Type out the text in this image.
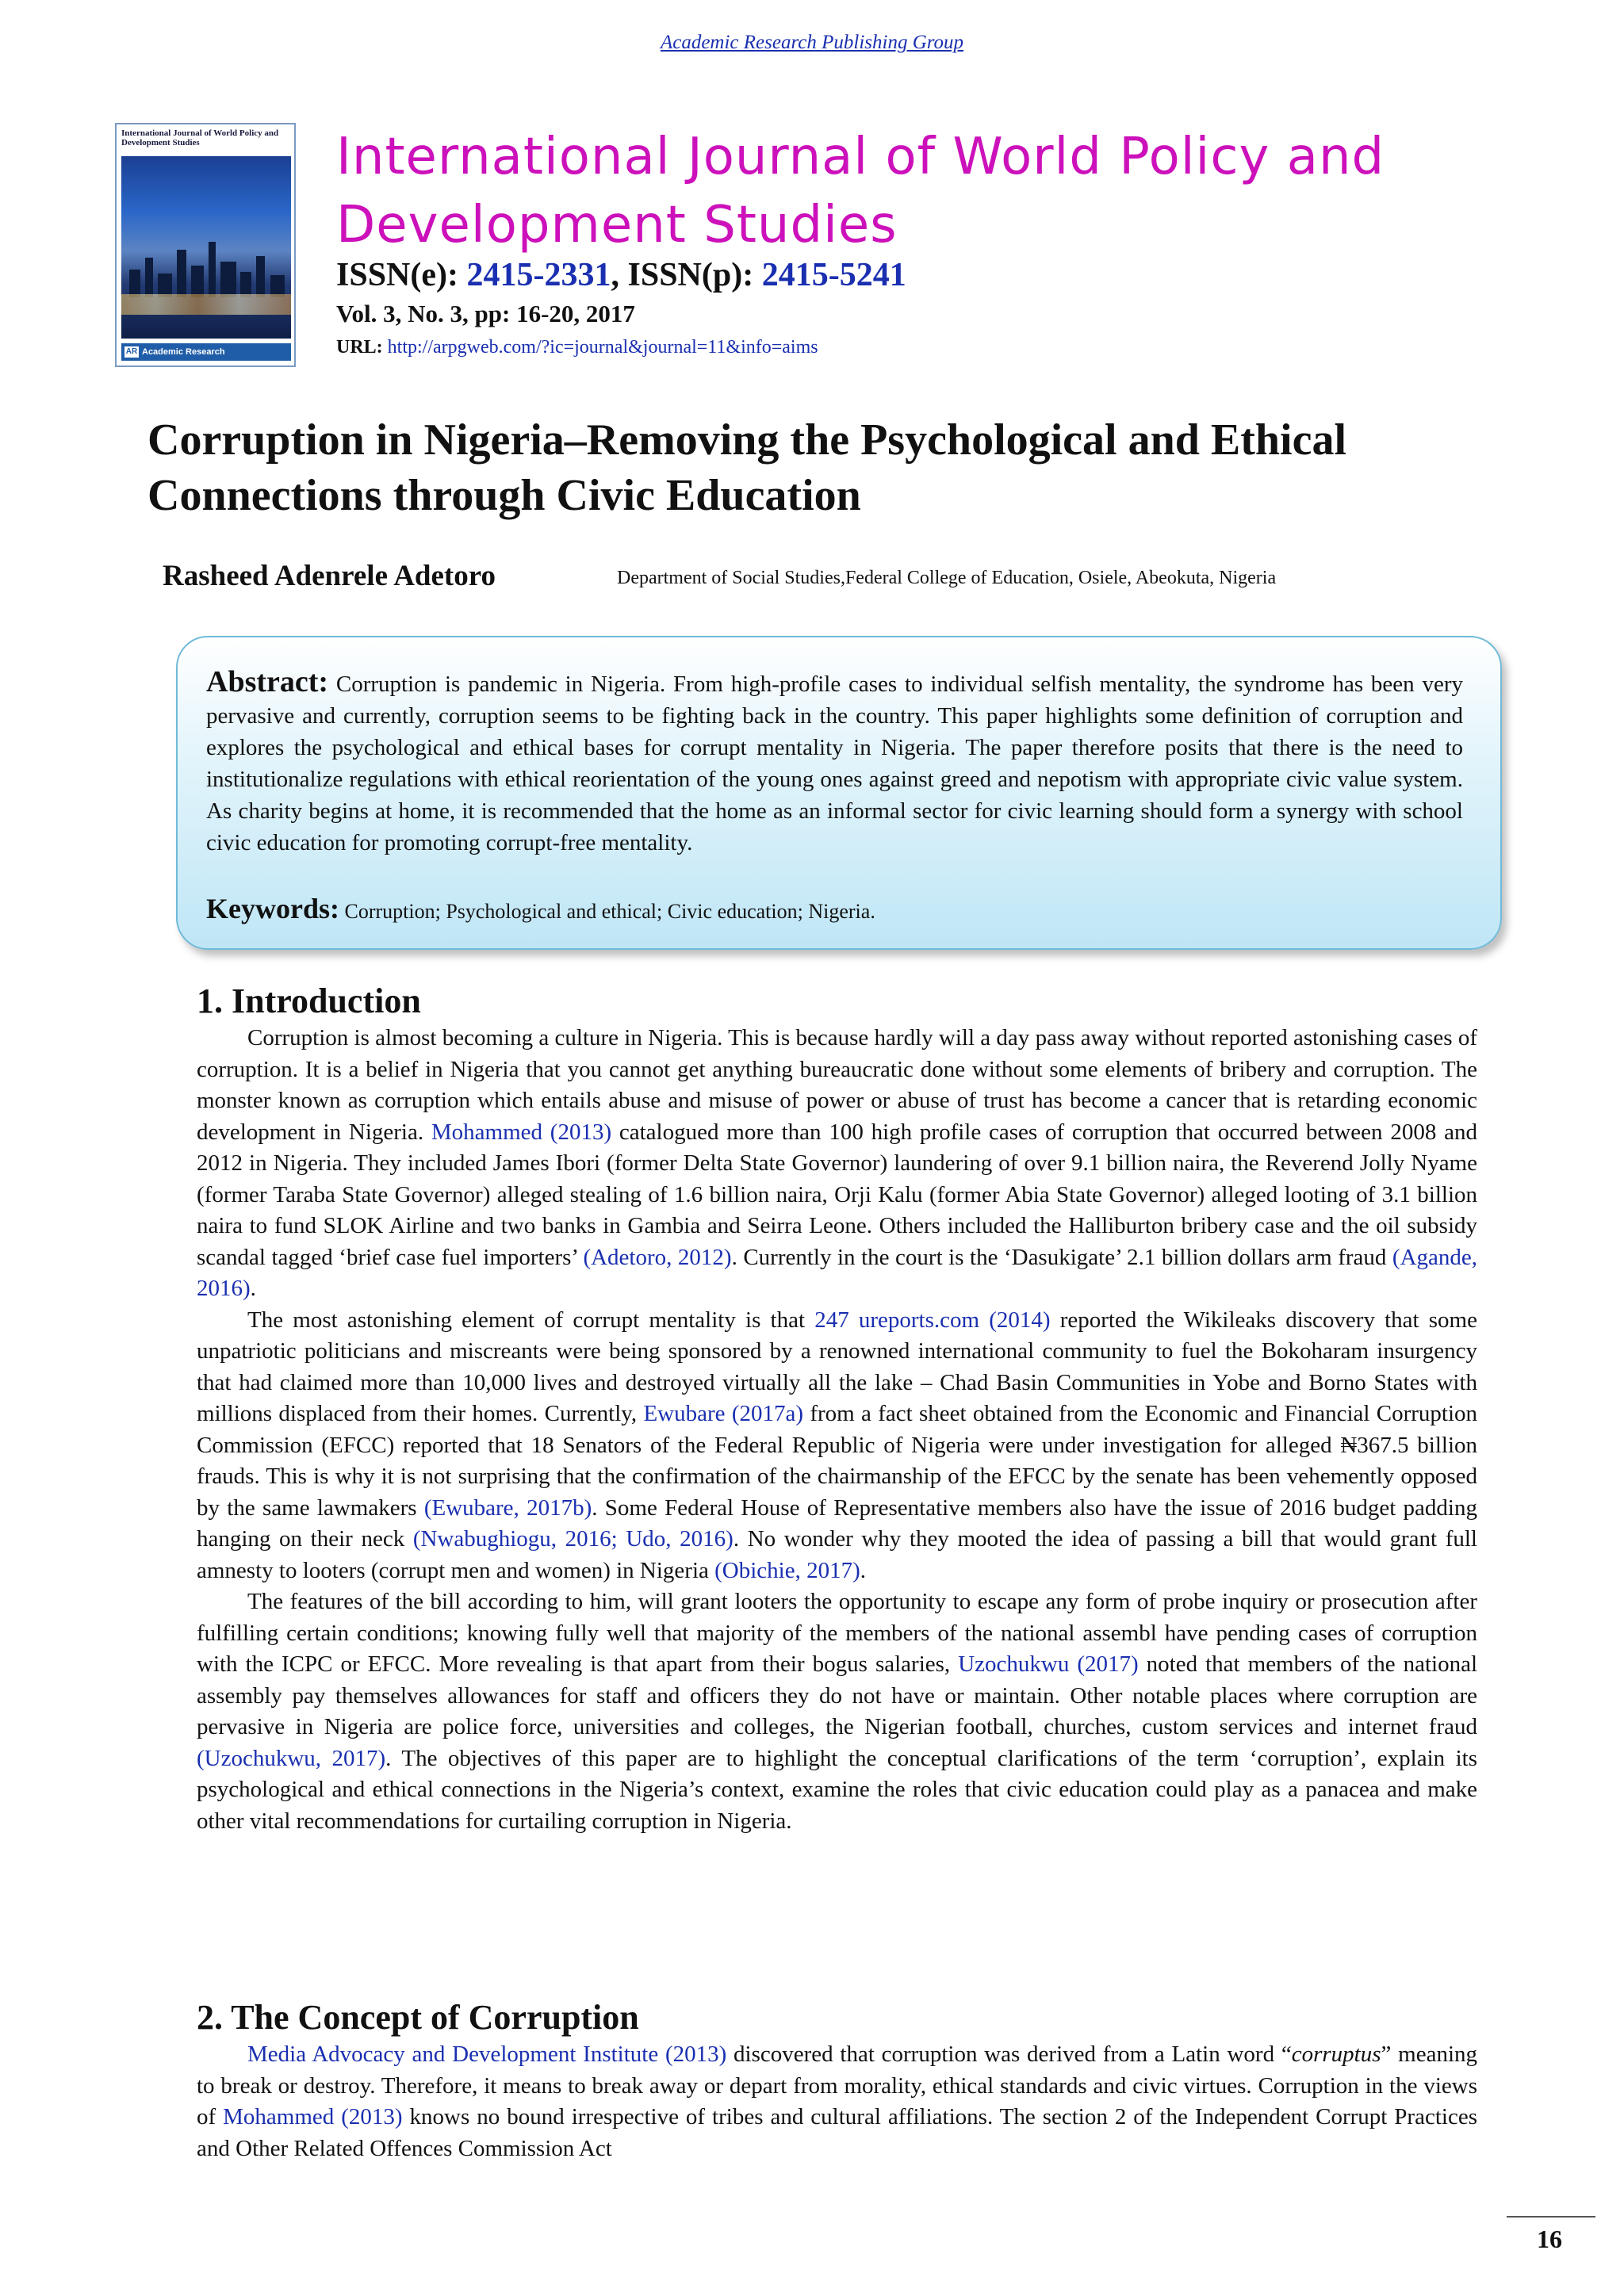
Academic Research Publishing Group
International Journal of World Policy and Development Studies
AR Academic Research
International Journal of World Policy and Development Studies
ISSN(e): 2415-2331, ISSN(p): 2415-5241
Vol. 3, No. 3, pp: 16-20, 2017
URL: http://arpgweb.com/?ic=journal&journal=11&info=aims
Corruption in Nigeria–Removing the Psychological and Ethical Connections through Civic Education
Rasheed Adenrele Adetoro	Department of Social Studies,Federal College of Education, Osiele, Abeokuta, Nigeria
Abstract: Corruption is pandemic in Nigeria. From high-profile cases to individual selfish mentality, the syndrome has been very pervasive and currently, corruption seems to be fighting back in the country. This paper highlights some definition of corruption and explores the psychological and ethical bases for corrupt mentality in Nigeria. The paper therefore posits that there is the need to institutionalize regulations with ethical reorientation of the young ones against greed and nepotism with appropriate civic value system. As charity begins at home, it is recommended that the home as an informal sector for civic learning should form a synergy with school civic education for promoting corrupt-free mentality.
Keywords: Corruption; Psychological and ethical; Civic education; Nigeria.
1. Introduction

Corruption is almost becoming a culture in Nigeria. This is because hardly will a day pass away without reported astonishing cases of corruption. It is a belief in Nigeria that you cannot get anything bureaucratic done without some elements of bribery and corruption. The monster known as corruption which entails abuse and misuse of power or abuse of trust has become a cancer that is retarding economic development in Nigeria. Mohammed (2013) catalogued more than 100 high profile cases of corruption that occurred between 2008 and 2012 in Nigeria. They included James Ibori (former Delta State Governor) laundering of over 9.1 billion naira, the Reverend Jolly Nyame (former Taraba State Governor) alleged stealing of 1.6 billion naira, Orji Kalu (former Abia State Governor) alleged looting of 3.1 billion naira to fund SLOK Airline and two banks in Gambia and Seirra Leone. Others included the Halliburton bribery case and the oil subsidy scandal tagged ‘brief case fuel importers’ (Adetoro, 2012). Currently in the court is the ‘Dasukigate’ 2.1 billion dollars arm fraud (Agande, 2016).

The most astonishing element of corrupt mentality is that 247 ureports.com (2014) reported the Wikileaks discovery that some unpatriotic politicians and miscreants were being sponsored by a renowned international community to fuel the Bokoharam insurgency that had claimed more than 10,000 lives and destroyed virtually all the lake – Chad Basin Communities in Yobe and Borno States with millions displaced from their homes. Currently, Ewubare (2017a) from a fact sheet obtained from the Economic and Financial Corruption Commission (EFCC) reported that 18 Senators of the Federal Republic of Nigeria were under investigation for alleged ₦367.5 billion frauds. This is why it is not surprising that the confirmation of the chairmanship of the EFCC by the senate has been vehemently opposed by the same lawmakers (Ewubare, 2017b). Some Federal House of Representative members also have the issue of 2016 budget padding hanging on their neck (Nwabughiogu, 2016; Udo, 2016). No wonder why they mooted the idea of passing a bill that would grant full amnesty to looters (corrupt men and women) in Nigeria (Obichie, 2017).

The features of the bill according to him, will grant looters the opportunity to escape any form of probe inquiry or prosecution after fulfilling certain conditions; knowing fully well that majority of the members of the national assembl have pending cases of corruption with the ICPC or EFCC. More revealing is that apart from their bogus salaries, Uzochukwu (2017) noted that members of the national assembly pay themselves allowances for staff and officers they do not have or maintain. Other notable places where corruption are pervasive in Nigeria are police force, universities and colleges, the Nigerian football, churches, custom services and internet fraud (Uzochukwu, 2017). The objectives of this paper are to highlight the conceptual clarifications of the term ‘corruption’, explain its psychological and ethical connections in the Nigeria’s context, examine the roles that civic education could play as a panacea and make other vital recommendations for curtailing corruption in Nigeria.

2. The Concept of Corruption

Media Advocacy and Development Institute (2013) discovered that corruption was derived from a Latin word “corruptus” meaning to break or destroy. Therefore, it means to break away or depart from morality, ethical standards and civic virtues. Corruption in the views of Mohammed (2013) knows no bound irrespective of tribes and cultural affiliations. The section 2 of the Independent Corrupt Practices and Other Related Offences Commission Act

16
